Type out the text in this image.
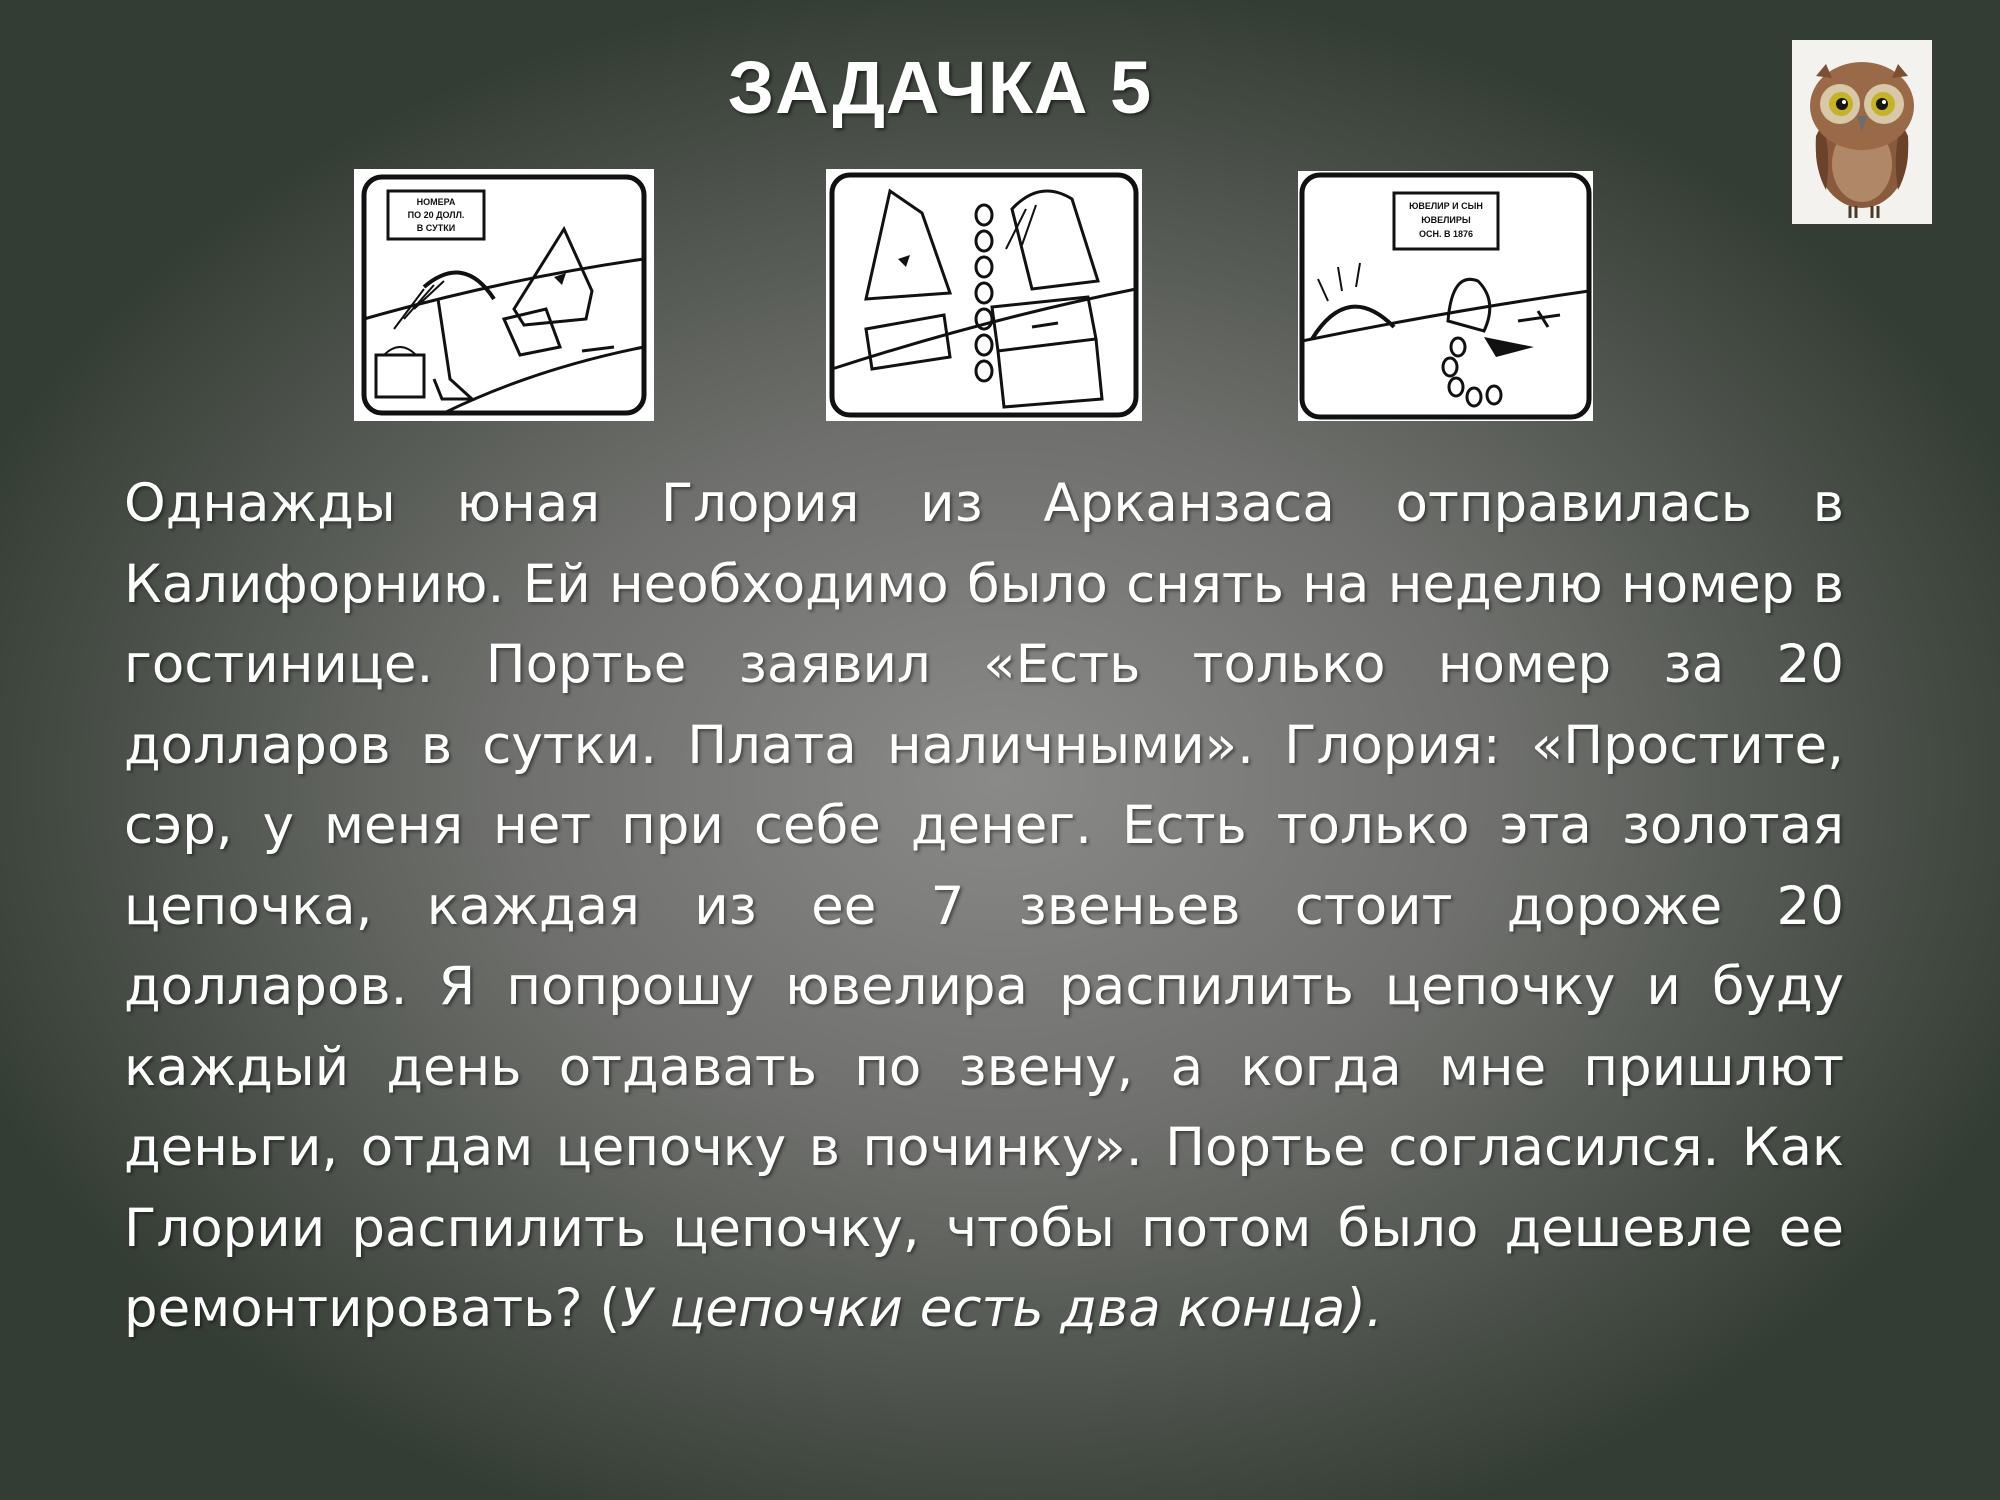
ЗАДАЧКА 5
НОМЕРА
ПО 20 ДОЛЛ.
В СУТКИ
ЮВЕЛИР И СЫН
ЮВЕЛИРЫ
ОСН. В 1876
Однажды юная Глория из Арканзаса отправилась в Калифорнию. Ей необходимо было снять на неделю номер в гостинице. Портье заявил «Есть только номер за 20 долларов в сутки. Плата наличными». Глория: «Простите, сэр, у меня нет при себе денег. Есть только эта золотая цепочка, каждая из ее 7 звеньев стоит дороже 20 долларов. Я попрошу ювелира распилить цепочку и буду каждый день отдавать по звену, а когда мне пришлют деньги, отдам цепочку в починку». Портье согласился. Как Глории распилить цепочку, чтобы потом было дешевле ее ремонтировать? (У цепочки есть два конца).
